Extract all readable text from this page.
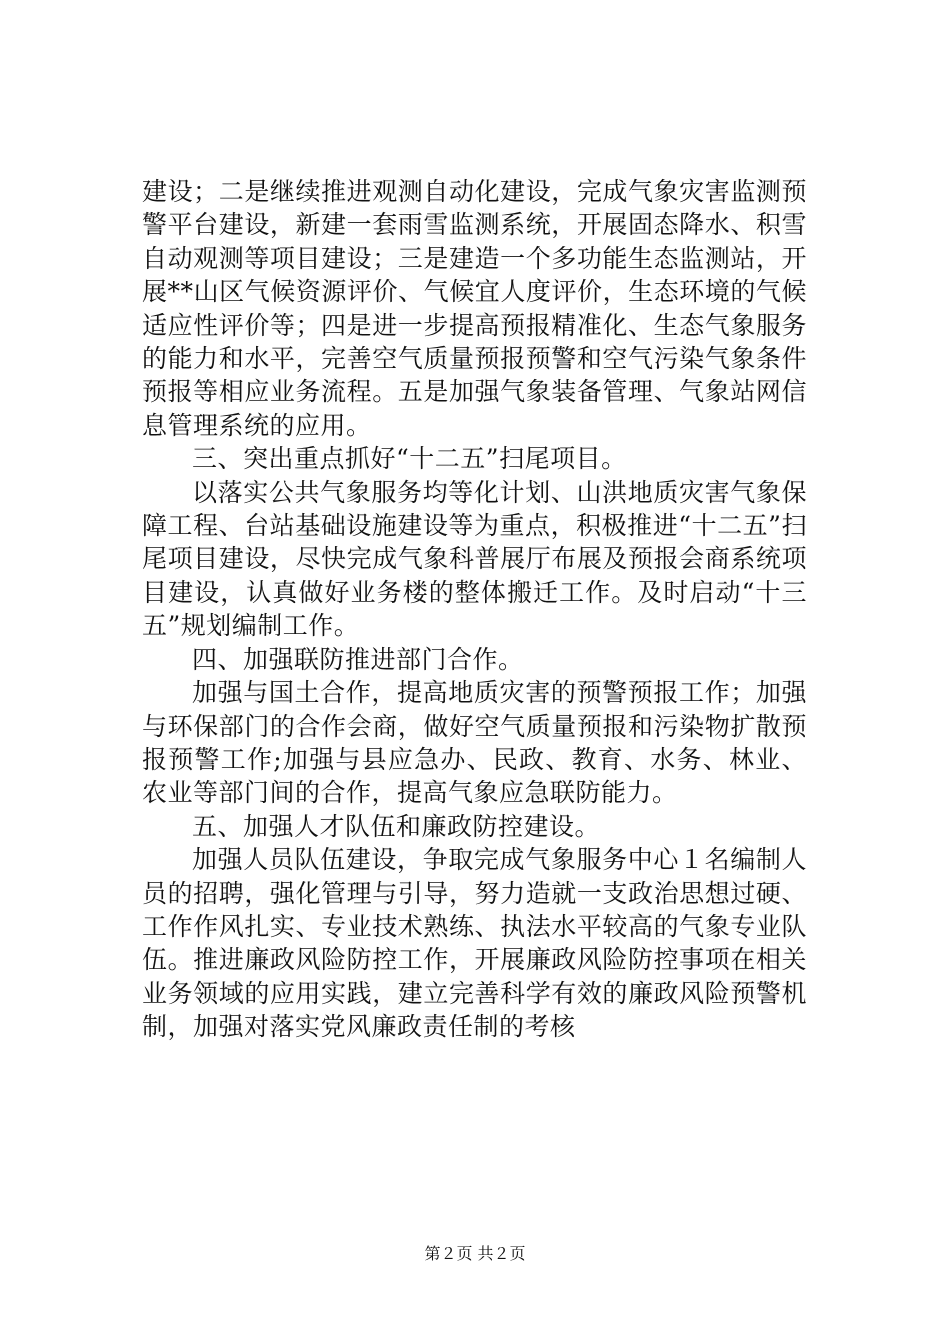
建设；二是继续推进观测自动化建设，完成气象灾害监测预警平台建设，新建一套雨雪监测系统，开展固态降水、积雪自动观测等项目建设；三是建造一个多功能生态监测站，开展**山区气候资源评价、气候宜人度评价，生态环境的气候适应性评价等；四是进一步提高预报精准化、生态气象服务的能力和水平，完善空气质量预报预警和空气污染气象条件预报等相应业务流程。五是加强气象装备管理、气象站网信息管理系统的应用。

三、突出重点抓好“十二五”扫尾项目。

以落实公共气象服务均等化计划、山洪地质灾害气象保障工程、台站基础设施建设等为重点，积极推进“十二五”扫尾项目建设，尽快完成气象科普展厅布展及预报会商系统项目建设，认真做好业务楼的整体搬迁工作。及时启动“十三五”规划编制工作。

四、加强联防推进部门合作。

加强与国土合作，提高地质灾害的预警预报工作；加强与环保部门的合作会商，做好空气质量预报和污染物扩散预报预警工作;加强与县应急办、民政、教育、水务、林业、农业等部门间的合作，提高气象应急联防能力。

五、加强人才队伍和廉政防控建设。

加强人员队伍建设，争取完成气象服务中心１名编制人员的招聘，强化管理与引导，努力造就一支政治思想过硬、工作作风扎实、专业技术熟练、执法水平较高的气象专业队伍。推进廉政风险防控工作，开展廉政风险防控事项在相关业务领域的应用实践，建立完善科学有效的廉政风险预警机制，加强对落实党风廉政责任制的考核

第２页 共２页
